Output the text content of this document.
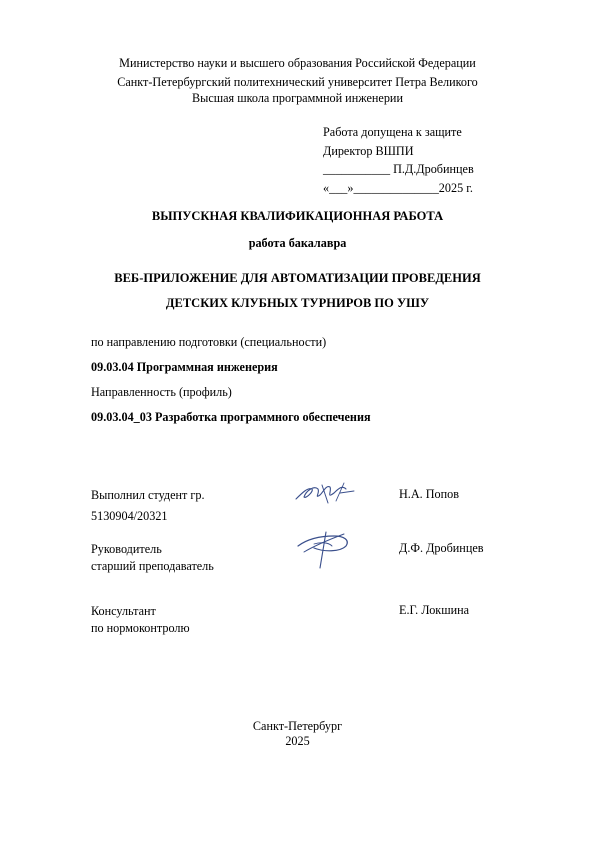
Министерство науки и высшего образования Российской Федерации
Санкт-Петербургский политехнический университет Петра Великого
Высшая школа программной инженерии
Работа допущена к защите
Директор ВШПИ
___________ П.Д.Дробинцев
«___»______________2025 г.
ВЫПУСКНАЯ КВАЛИФИКАЦИОННАЯ РАБОТА
работа бакалавра
ВЕБ-ПРИЛОЖЕНИЕ ДЛЯ АВТОМАТИЗАЦИИ ПРОВЕДЕНИЯ
ДЕТСКИХ КЛУБНЫХ ТУРНИРОВ ПО УШУ
по направлению подготовки (специальности)
09.03.04 Программная инженерия
Направленность (профиль)
09.03.04_03 Разработка программного обеспечения
Выполнил студент гр.
5130904/20321
Н.А. Попов
Руководитель
старший преподаватель
Д.Ф. Дробинцев
Консультант
по нормоконтролю
Е.Г. Локшина
Санкт-Петербург
2025
